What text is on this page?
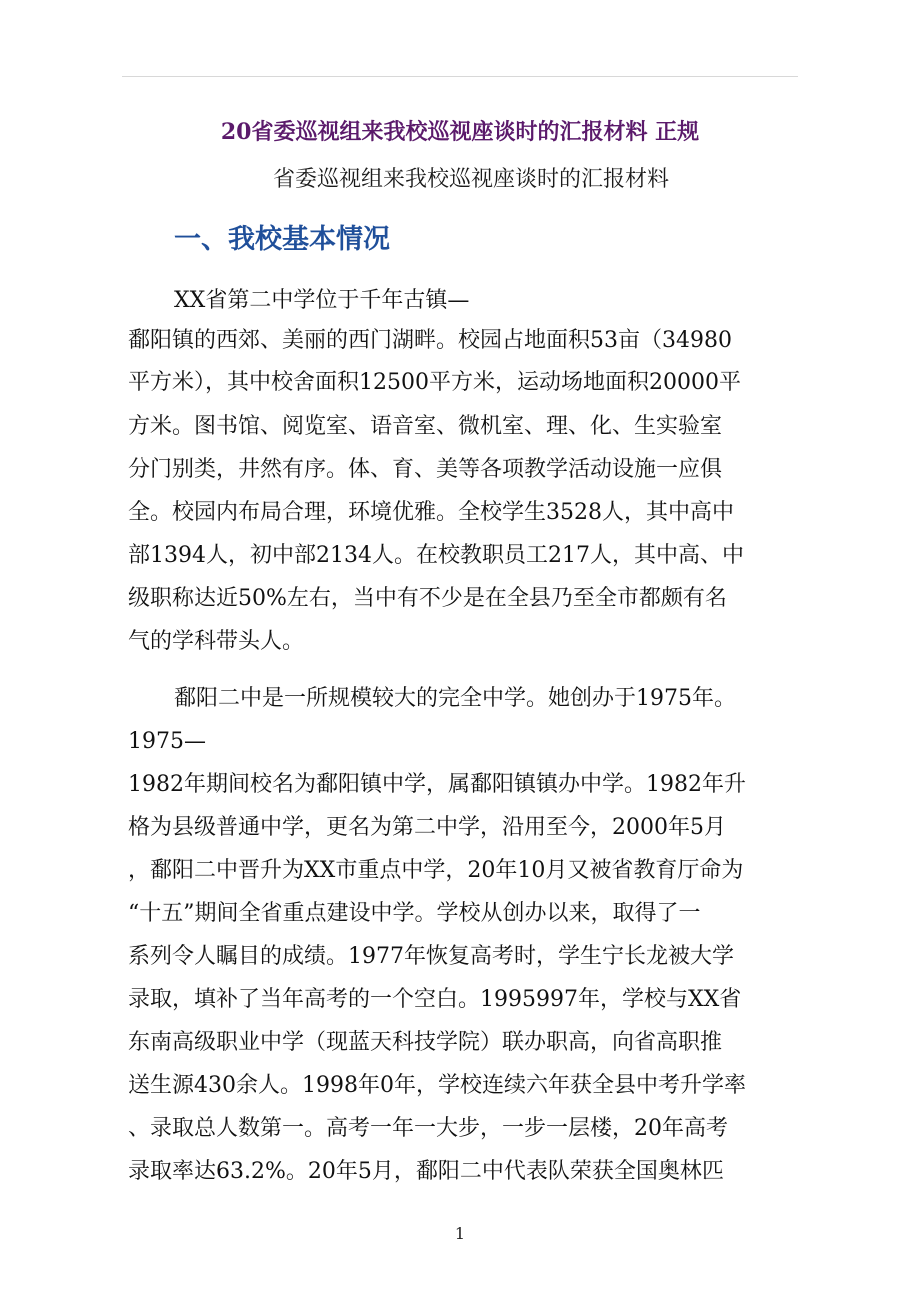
20省委巡视组来我校巡视座谈时的汇报材料 正规
省委巡视组来我校巡视座谈时的汇报材料
一、我校基本情况
XX省第二中学位于千年古镇—
鄱阳镇的西郊、美丽的西门湖畔。校园占地面积53亩（34980
平方米），其中校舍面积12500平方米，运动场地面积20000平
方米。图书馆、阅览室、语音室、微机室、理、化、生实验室
分门别类，井然有序。体、育、美等各项教学活动设施一应俱
全。校园内布局合理，环境优雅。全校学生3528人，其中高中
部1394人，初中部2134人。在校教职员工217人，其中高、中
级职称达近50%左右，当中有不少是在全县乃至全市都颇有名
气的学科带头人。
鄱阳二中是一所规模较大的完全中学。她创办于1975年。
1975—
1982年期间校名为鄱阳镇中学，属鄱阳镇镇办中学。1982年升
格为县级普通中学，更名为第二中学，沿用至今，2000年5月
，鄱阳二中晋升为XX市重点中学，20年10月又被省教育厅命为
“十五”期间全省重点建设中学。学校从创办以来，取得了一
系列令人瞩目的成绩。1977年恢复高考时，学生宁长龙被大学
录取，填补了当年高考的一个空白。1995997年，学校与XX省
东南高级职业中学（现蓝天科技学院）联办职高，向省高职推
送生源430余人。1998年0年，学校连续六年获全县中考升学率
、录取总人数第一。高考一年一大步，一步一层楼，20年高考
录取率达63.2%。20年5月，鄱阳二中代表队荣获全国奥林匹
1
